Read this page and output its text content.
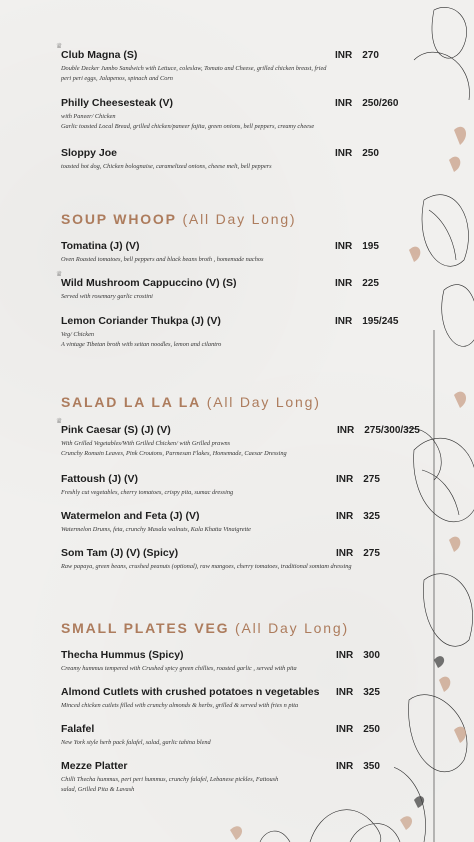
♕
Club Magna (S)	INR 270
Double Decker Jumbo Sandwich with Lettuce, coleslaw, Tomato and Cheese, grilled chicken breast, fried
peri peri eggs, Jalapenos, spinach and Corn
Philly Cheesesteak (V)	INR 250/260
with Paneer/ Chicken
Garlic toasted Local Bread, grilled chicken/paneer fajita, green onions, bell peppers, creamy cheese
Sloppy Joe	INR 250
toasted hot dog, Chicken bolognaise, caramelized onions, cheese melt, bell peppers
SOUP WHOOP (All Day Long)
Tomatina (J) (V)	INR 195
Oven Roasted tomatoes, bell peppers and black beans broth , homemade nachos
♕
Wild Mushroom Cappuccino (V) (S)	INR 225
Served with rosemary garlic crostini
Lemon Coriander Thukpa (J) (V)	INR 195/245
Veg/ Chicken
A vintage Tibetan broth with seitan noodles, lemon and cilantro
SALAD LA LA LA (All Day Long)
♕
Pink Caesar (S) (J) (V)	INR 275/300/325
With Grilled Vegetables/With Grilled Chicken/ with Grilled prawns
Crunchy Romain Leaves, Pink Croutons, Parmesan Flakes, Homemade, Caesar Dressing
Fattoush (J) (V)	INR 275
Freshly cut vegetables, cherry tomatoes, crispy pita, sumac dressing
Watermelon and Feta (J) (V)	INR 325
Watermelon Drums, feta, crunchy Masala walnuts, Kala Khatta Vinaigrette
Som Tam (J) (V) (Spicy)	INR 275
Raw papaya, green beans, crushed peanuts (optional), raw mangoes, cherry tomatoes, traditional somtam dressing
SMALL PLATES VEG (All Day Long)
Thecha Hummus (Spicy)	INR 300
Creamy hummus tempered with Crushed spicy green chillies, roasted garlic , served with pita
Almond Cutlets with crushed potatoes n vegetables	INR 325
Minced chicken cutlets filled with crunchy almonds & herbs, grilled & served with fries n pita
Falafel	INR 250
New York style herb pack falafel, salad, garlic tahina blend
Mezze Platter	INR 350
Chilli Thecha hummus, peri peri hummus, crunchy falafel, Lebanese pickles, Fattoush
salad, Grilled Pita & Lavash
